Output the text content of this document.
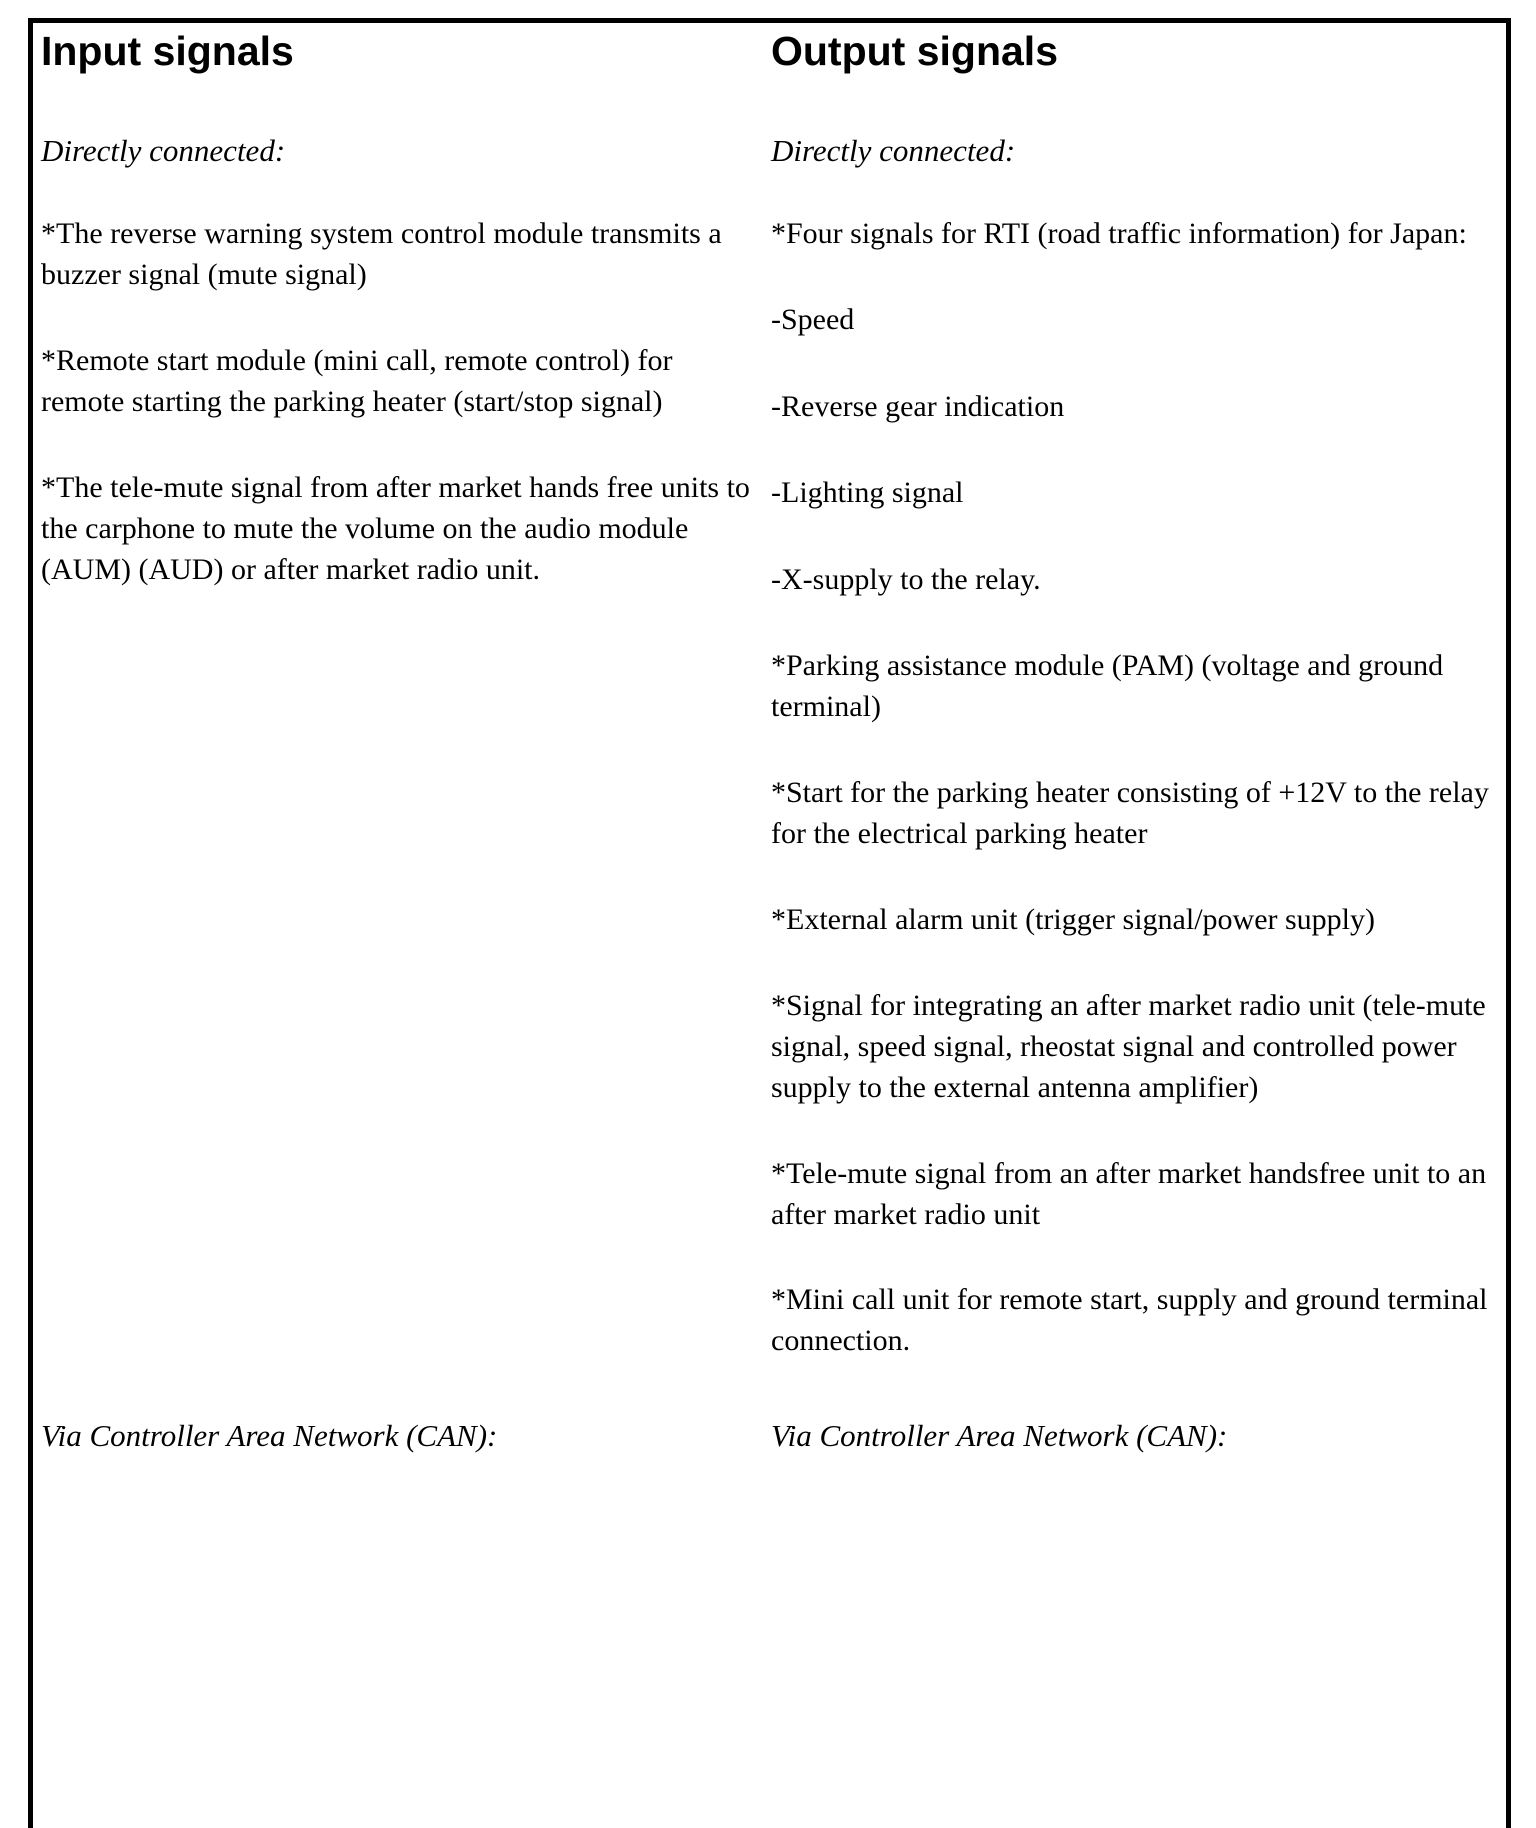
Input signals

Directly connected:

*The reverse warning system control module transmits a buzzer signal (mute signal)

*Remote start module (mini call, remote control) for remote starting the parking heater (start/stop signal)

*The tele-mute signal from after market hands free units to the carphone to mute the volume on the audio module (AUM) (AUD) or after market radio unit.

Via Controller Area Network (CAN):

Output signals

Directly connected:

*Four signals for RTI (road traffic information) for Japan:

-Speed

-Reverse gear indication

-Lighting signal

-X-supply to the relay.

*Parking assistance module (PAM) (voltage and ground terminal)

*Start for the parking heater consisting of +12V to the relay for the electrical parking heater

*External alarm unit (trigger signal/power supply)

*Signal for integrating an after market radio unit (tele-mute signal, speed signal, rheostat signal and controlled power supply to the external antenna amplifier)

*Tele-mute signal from an after market handsfree unit to an after market radio unit

*Mini call unit for remote start, supply and ground terminal connection.

Via Controller Area Network (CAN):
